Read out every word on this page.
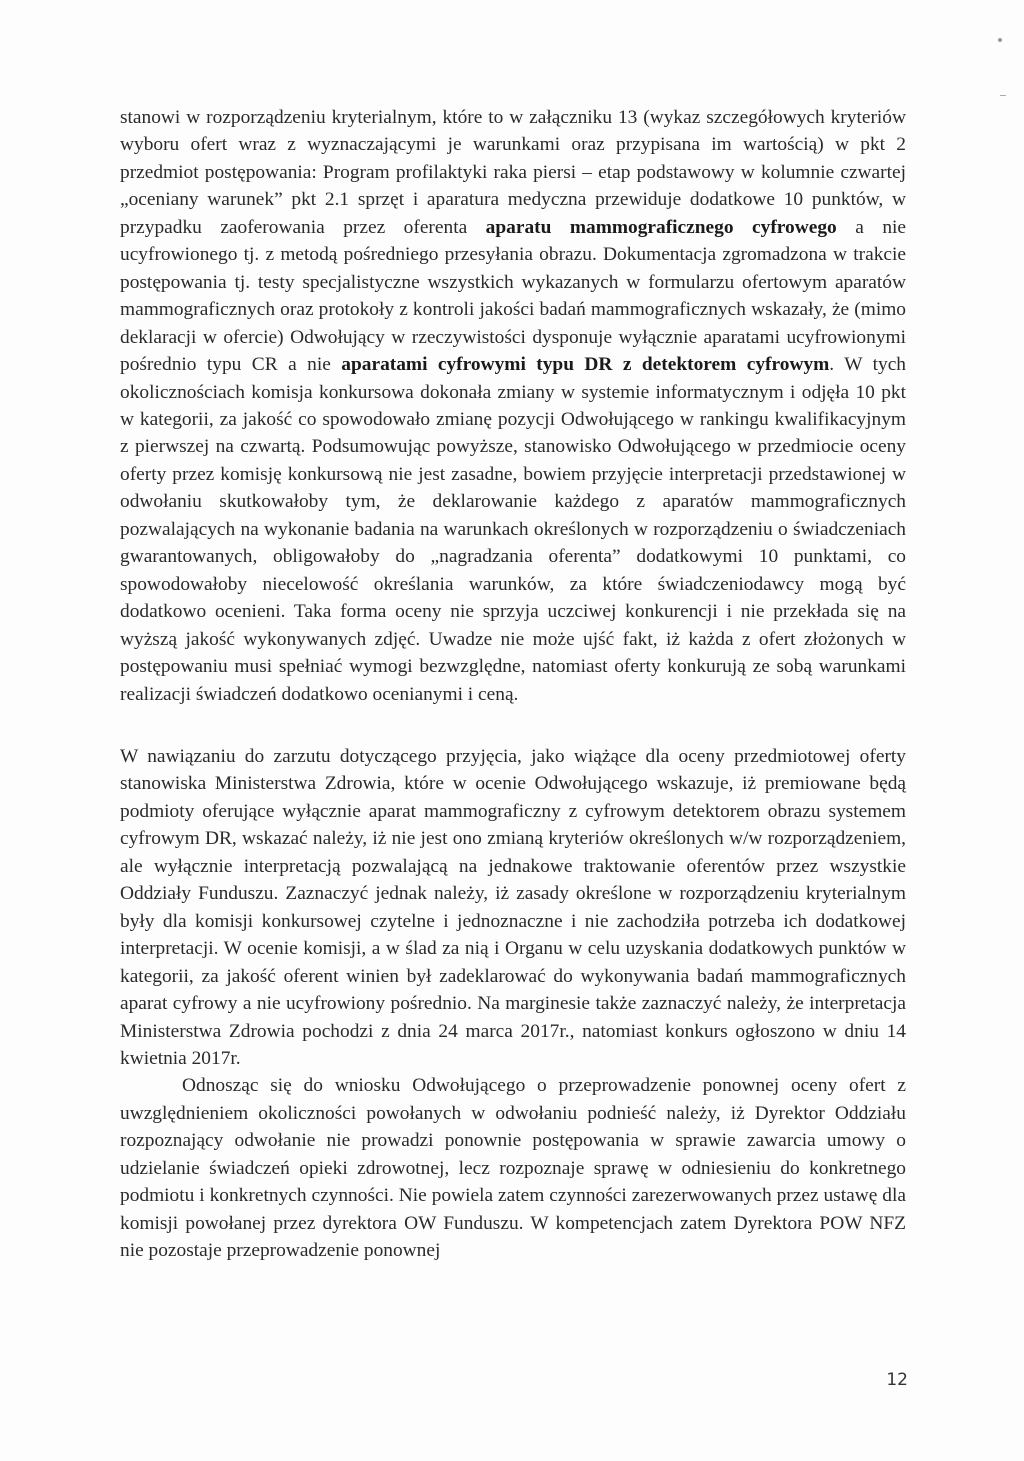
stanowi w rozporządzeniu kryterialnym, które to w załączniku 13 (wykaz szczegółowych kryteriów wyboru ofert wraz z wyznaczającymi je warunkami oraz przypisana im wartością) w pkt 2 przedmiot postępowania: Program profilaktyki raka piersi – etap podstawowy w kolumnie czwartej „oceniany warunek” pkt 2.1 sprzęt i aparatura medyczna przewiduje dodatkowe 10 punktów, w przypadku zaoferowania przez oferenta aparatu mammograficznego cyfrowego a nie ucyfrowionego tj. z metodą pośredniego przesyłania obrazu. Dokumentacja zgromadzona w trakcie postępowania tj. testy specjalistyczne wszystkich wykazanych w formularzu ofertowym aparatów mammograficznych oraz protokoły z kontroli jakości badań mammograficznych wskazały, że (mimo deklaracji w ofercie) Odwołujący w rzeczywistości dysponuje wyłącznie aparatami ucyfrowionymi pośrednio typu CR a nie aparatami cyfrowymi typu DR z detektorem cyfrowym. W tych okolicznościach komisja konkursowa dokonała zmiany w systemie informatycznym i odjęła 10 pkt w kategorii, za jakość co spowodowało zmianę pozycji Odwołującego w rankingu kwalifikacyjnym z pierwszej na czwartą. Podsumowując powyższe, stanowisko Odwołującego w przedmiocie oceny oferty przez komisję konkursową nie jest zasadne, bowiem przyjęcie interpretacji przedstawionej w odwołaniu skutkowałoby tym, że deklarowanie każdego z aparatów mammograficznych pozwalających na wykonanie badania na warunkach określonych w rozporządzeniu o świadczeniach gwarantowanych, obligowałoby do „nagradzania oferenta” dodatkowymi 10 punktami, co spowodowałoby niecelowość określania warunków, za które świadczeniodawcy mogą być dodatkowo ocenieni. Taka forma oceny nie sprzyja uczciwej konkurencji i nie przekłada się na wyższą jakość wykonywanych zdjęć. Uwadze nie może ujść fakt, iż każda z ofert złożonych w postępowaniu musi spełniać wymogi bezwzględne, natomiast oferty konkurują ze sobą warunkami realizacji świadczeń dodatkowo ocenianymi i ceną.

W nawiązaniu do zarzutu dotyczącego przyjęcia, jako wiążące dla oceny przedmiotowej oferty stanowiska Ministerstwa Zdrowia, które w ocenie Odwołującego wskazuje, iż premiowane będą podmioty oferujące wyłącznie aparat mammograficzny z cyfrowym detektorem obrazu systemem cyfrowym DR, wskazać należy, iż nie jest ono zmianą kryteriów określonych w/w rozporządzeniem, ale wyłącznie interpretacją pozwalającą na jednakowe traktowanie oferentów przez wszystkie Oddziały Funduszu. Zaznaczyć jednak należy, iż zasady określone w rozporządzeniu kryterialnym były dla komisji konkursowej czytelne i jednoznaczne i nie zachodziła potrzeba ich dodatkowej interpretacji. W ocenie komisji, a w ślad za nią i Organu w celu uzyskania dodatkowych punktów w kategorii, za jakość oferent winien był zadeklarować do wykonywania badań mammograficznych aparat cyfrowy a nie ucyfrowiony pośrednio. Na marginesie także zaznaczyć należy, że interpretacja Ministerstwa Zdrowia pochodzi z dnia 24 marca 2017r., natomiast konkurs ogłoszono w dniu 14 kwietnia 2017r.

Odnosząc się do wniosku Odwołującego o przeprowadzenie ponownej oceny ofert z uwzględnieniem okoliczności powołanych w odwołaniu podnieść należy, iż Dyrektor Oddziału rozpoznający odwołanie nie prowadzi ponownie postępowania w sprawie zawarcia umowy o udzielanie świadczeń opieki zdrowotnej, lecz rozpoznaje sprawę w odniesieniu do konkretnego podmiotu i konkretnych czynności. Nie powiela zatem czynności zarezerwowanych przez ustawę dla komisji powołanej przez dyrektora OW Funduszu. W kompetencjach zatem Dyrektora POW NFZ nie pozostaje przeprowadzenie ponownej

12
